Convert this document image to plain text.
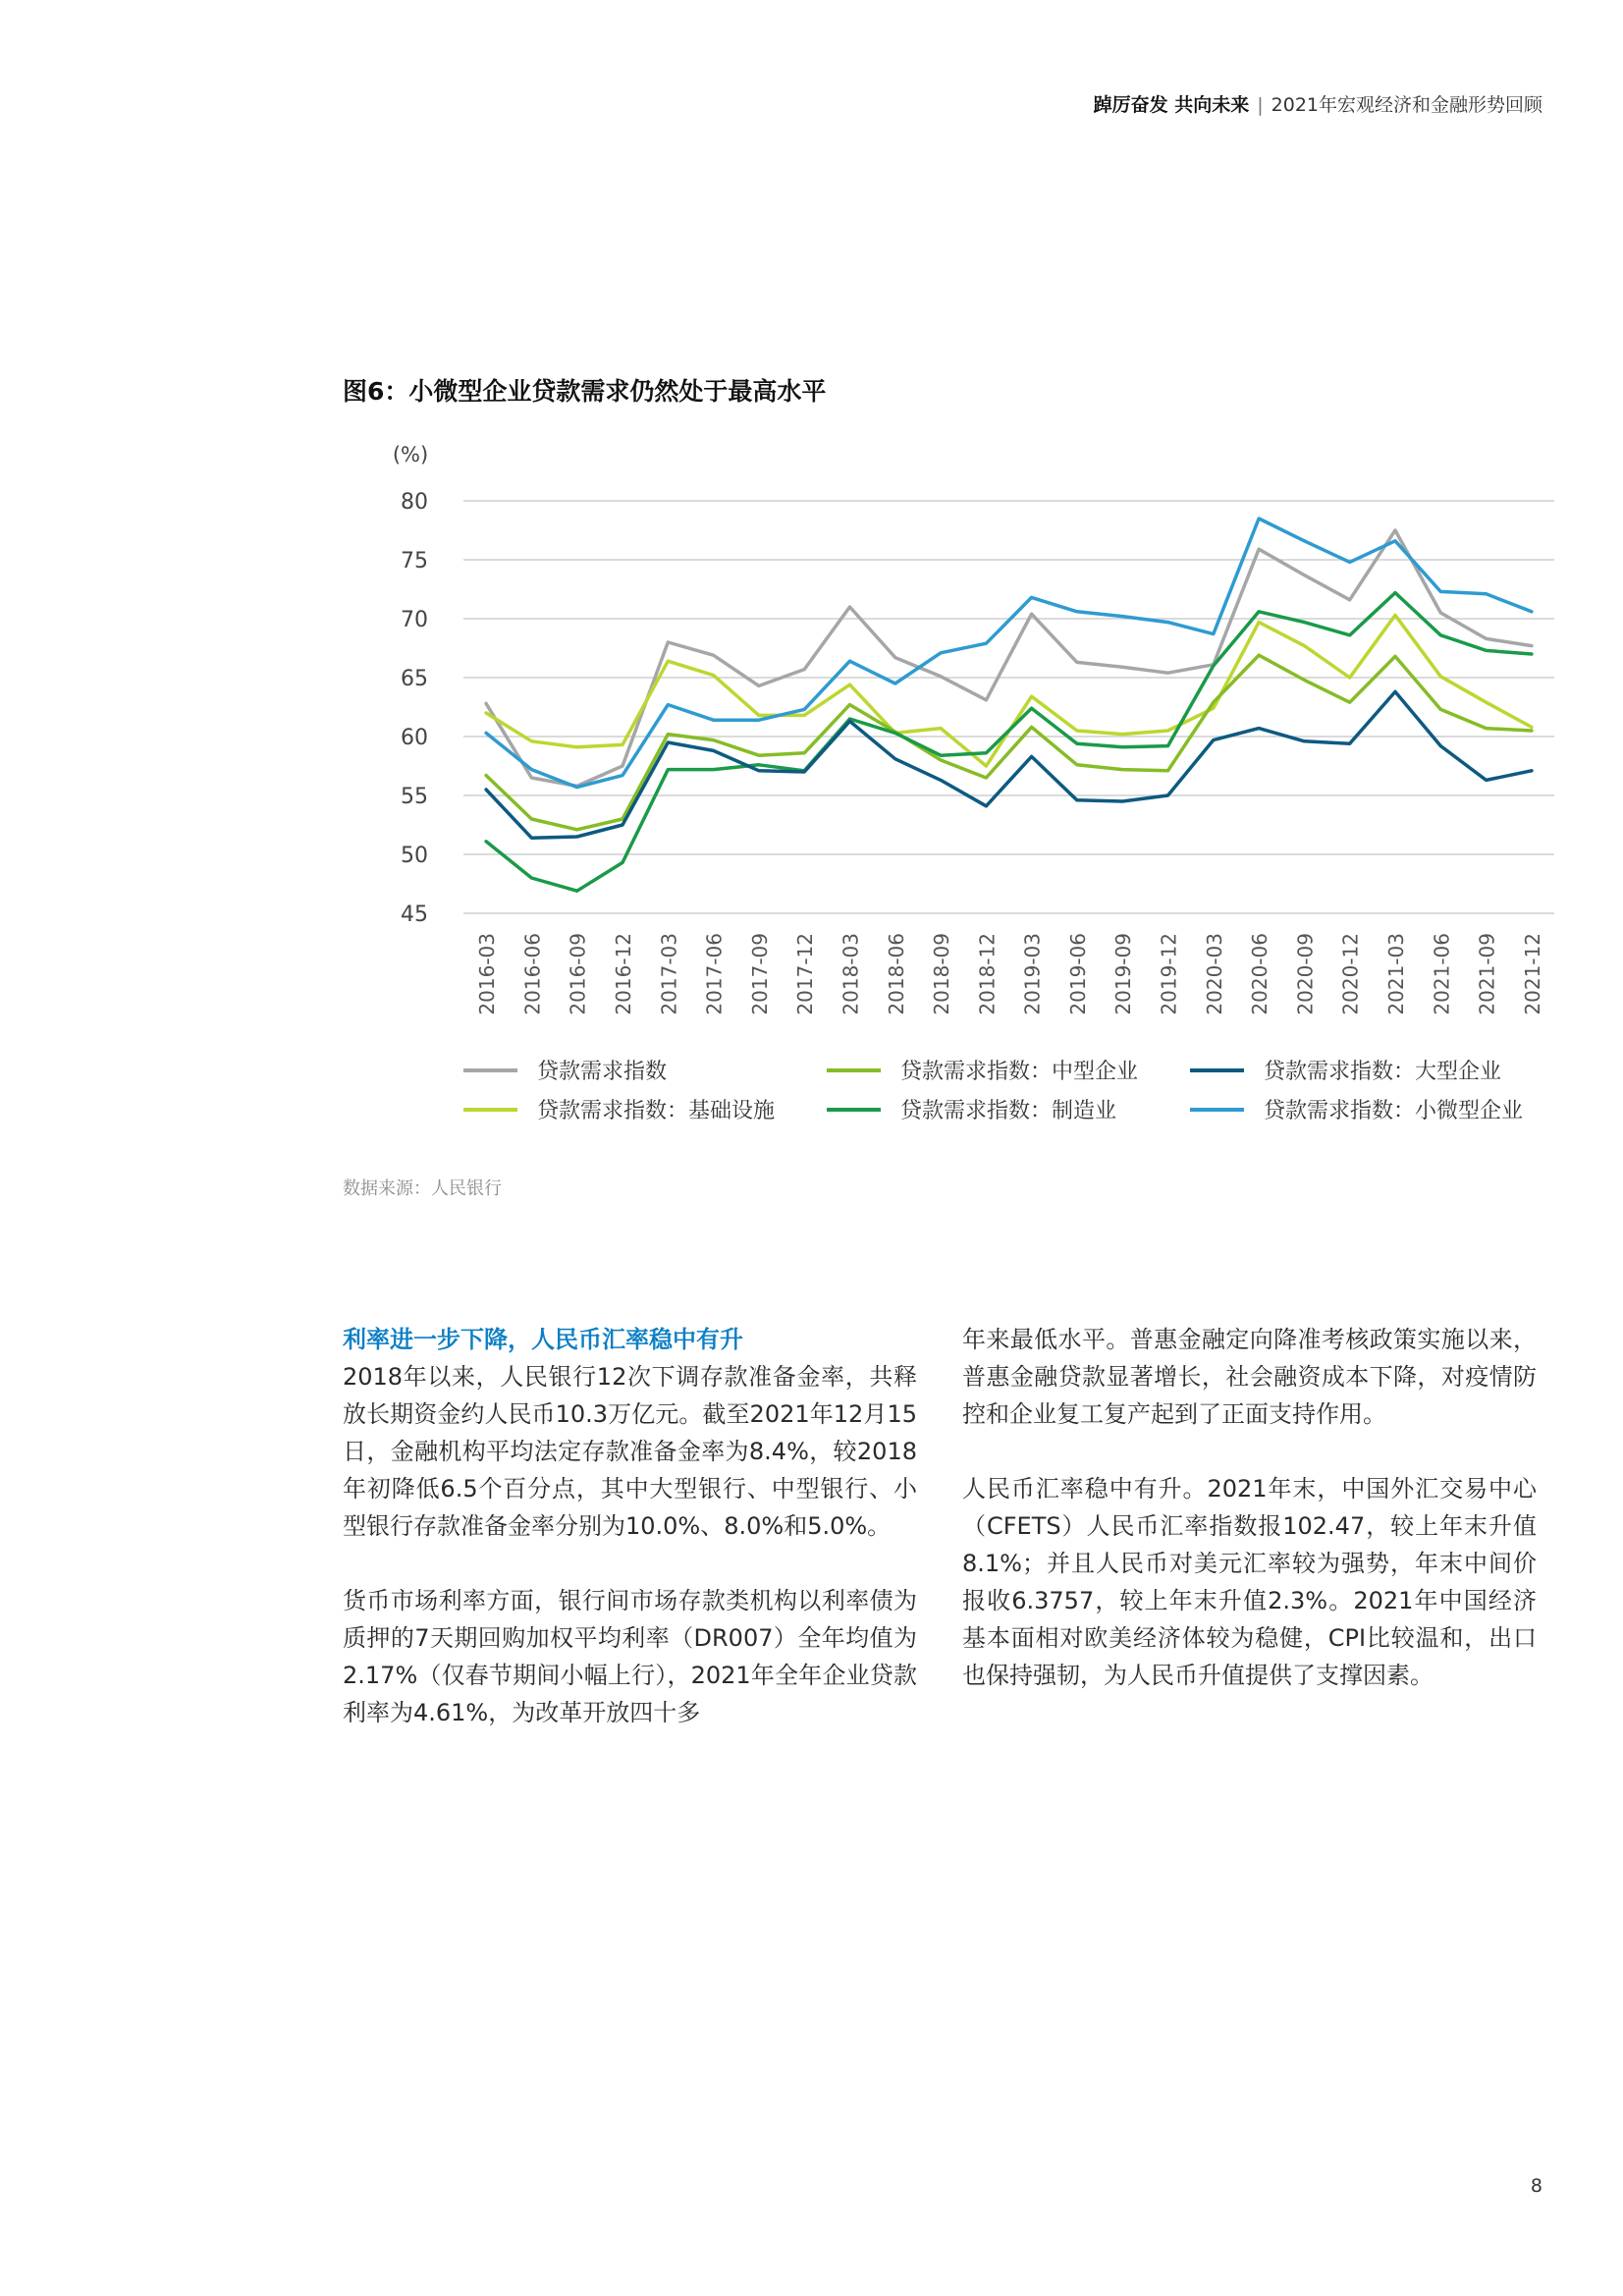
踔厉奋发 共向未来 | 2021年宏观经济和金融形势回顾
图6：小微型企业贷款需求仍然处于最高水平
(%)
80
75
70
65
60
55
50
45
2016-03 2016-06 2016-09 2016-12 2017-03 2017-06 2017-09 2017-12 2018-03 2018-06 2018-09 2018-12 2019-03 2019-06 2019-09 2019-12 2020-03 2020-06 2020-09 2020-12 2021-03 2021-06 2021-09 2021-12
贷款需求指数	贷款需求指数：中型企业	贷款需求指数：大型企业
贷款需求指数：基础设施	贷款需求指数：制造业	贷款需求指数：小微型企业
数据来源：人民银行

利率进一步下降，人民币汇率稳中有升

2018年以来，人民银行12次下调存款准备金率，共释放长期资金约人民币10.3万亿元。截至2021年12月15日，金融机构平均法定存款准备金率为8.4%，较2018年初降低6.5个百分点，其中大型银行、中型银行、小型银行存款准备金率分别为10.0%、8.0%和5.0%。

货币市场利率方面，银行间市场存款类机构以利率债为质押的7天期回购加权平均利率（DR007）全年均值为2.17%（仅春节期间小幅上行），2021年全年企业贷款利率为4.61%，为改革开放四十多

年来最低水平。普惠金融定向降准考核政策实施以来，普惠金融贷款显著增长，社会融资成本下降，对疫情防控和企业复工复产起到了正面支持作用。

人民币汇率稳中有升。2021年末，中国外汇交易中心（CFETS）人民币汇率指数报102.47，较上年末升值8.1%；并且人民币对美元汇率较为强势，年末中间价报收6.3757，较上年末升值2.3%。2021年中国经济基本面相对欧美经济体较为稳健，CPI比较温和，出口也保持强韧，为人民币升值提供了支撑因素。

8
